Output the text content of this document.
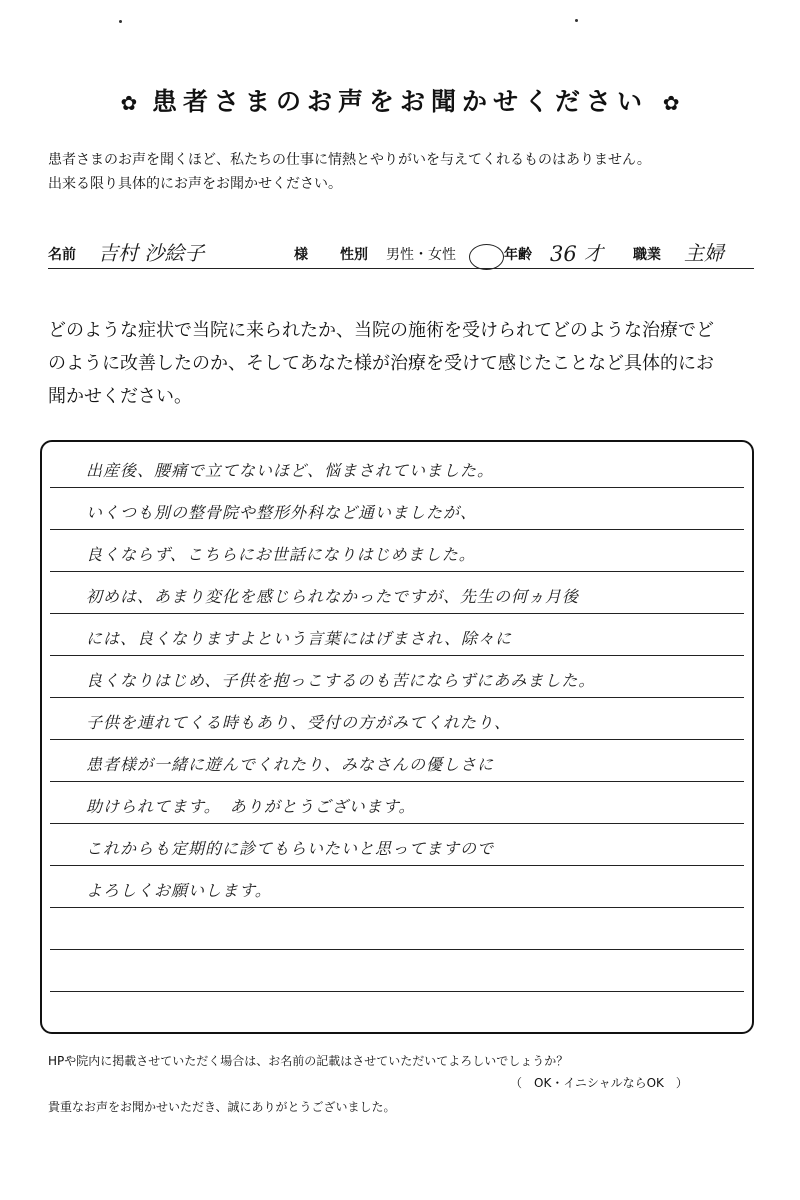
✿ 患者さまのお声をお聞かせください ✿
患者さまのお声を聞くほど、私たちの仕事に情熱とやりがいを与えてくれるものはありません。
出来る限り具体的にお声をお聞かせください。
名前 吉村 沙絵子	様 性別 男性・女性	年齢 36 才 職業 主婦
どのような症状で当院に来られたか、当院の施術を受けられてどのような治療でど
のように改善したのか、そしてあなた様が治療を受けて感じたことなど具体的にお
聞かせください。
出産後、腰痛で立てないほど、悩まされていました。
いくつも別の整骨院や整形外科など通いましたが、
良くならず、こちらにお世話になりはじめました。
初めは、あまり変化を感じられなかったですが、先生の何ヵ月後
には、良くなりますよという言葉にはげまされ、除々に
良くなりはじめ、子供を抱っこするのも苦にならずにあみました。
子供を連れてくる時もあり、受付の方がみてくれたり、
患者様が一緒に遊んでくれたり、みなさんの優しさに
助けられてます。　ありがとうございます。
これからも定期的に診てもらいたいと思ってますので
よろしくお願いします。
HPや院内に掲載させていただく場合は、お名前の記載はさせていただいてよろしいでしょうか？
（　OK・イニシャルならOK　）
貴重なお声をお聞かせいただき、誠にありがとうございました。
